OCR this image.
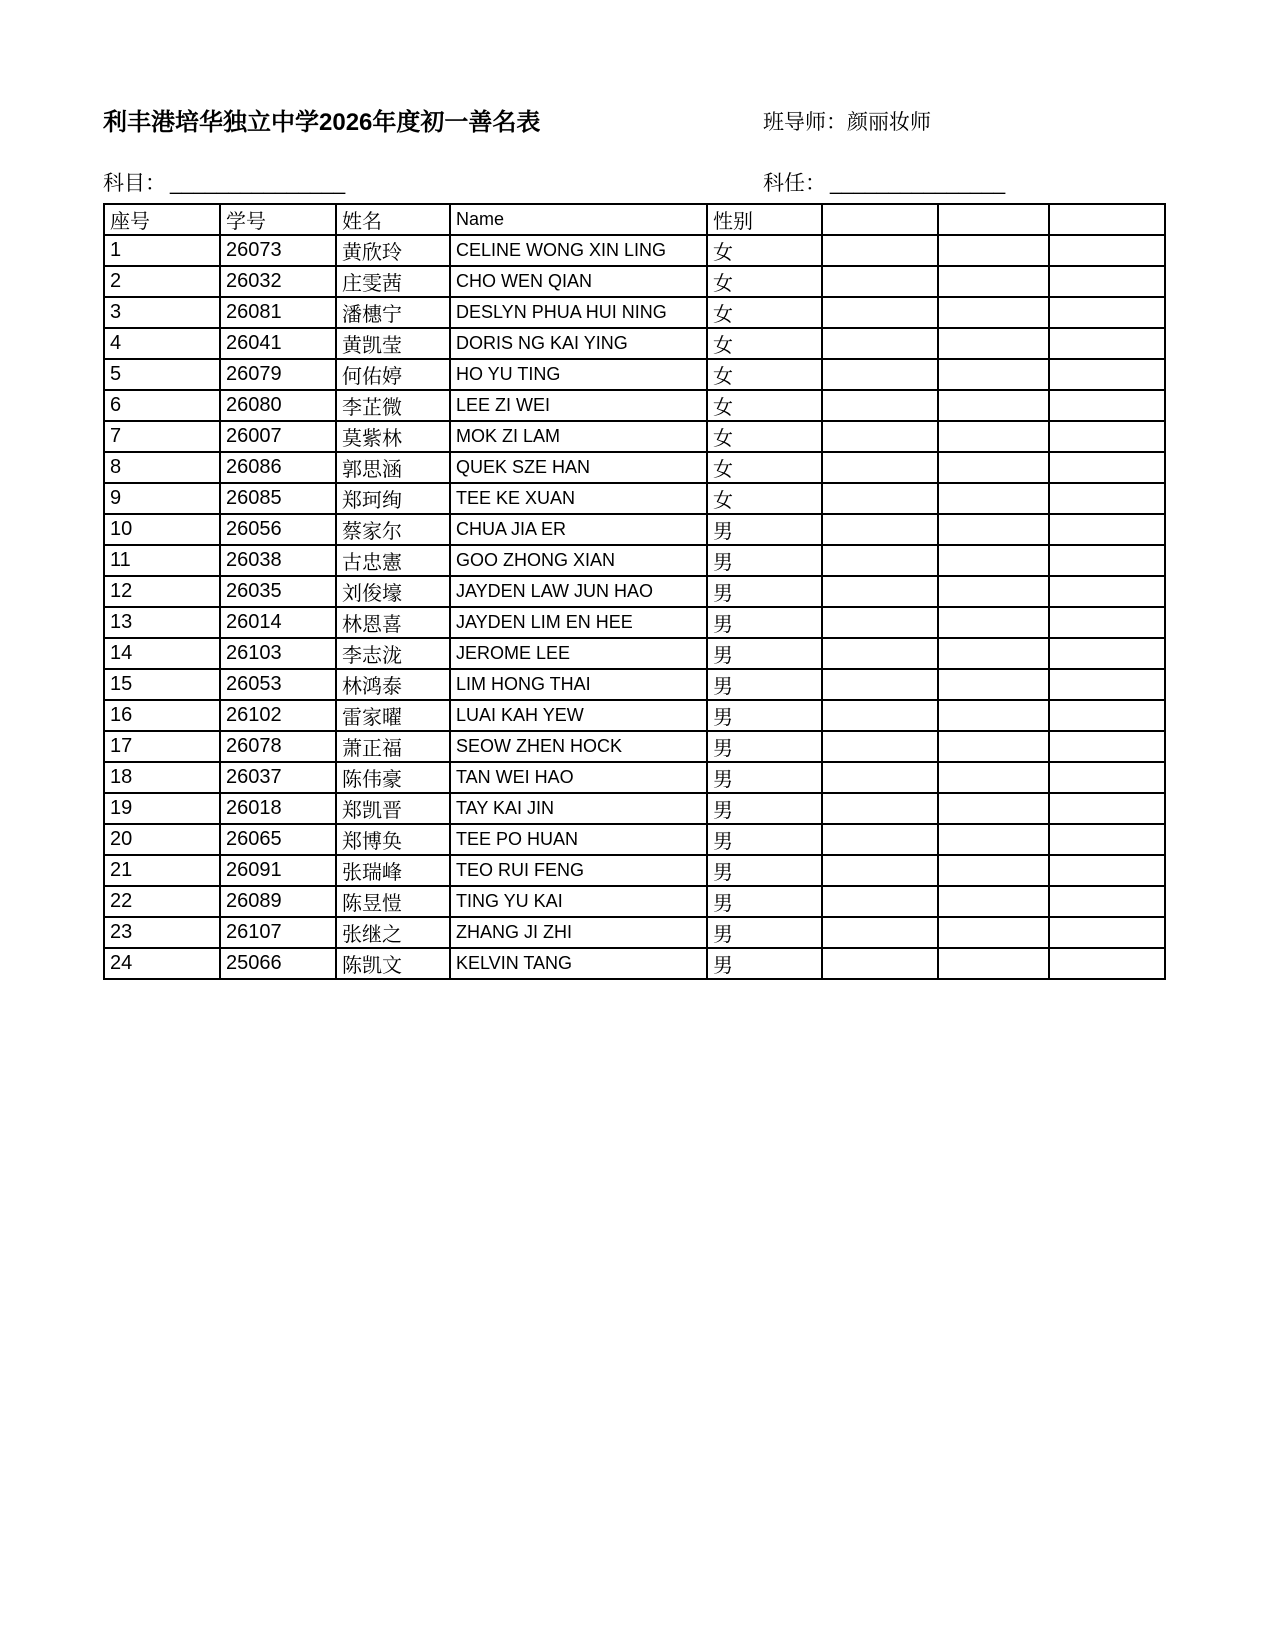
利丰港培华独立中学2026年度初一善名表	班导师：颜丽妆师
科目： _______________	科任： _______________
座号	学号	姓名	Name	性别			
1	26073	黄欣玲	CELINE WONG XIN LING	女			
2	26032	庄雯茜	CHO WEN QIAN	女			
3	26081	潘橞宁	DESLYN PHUA HUI NING	女			
4	26041	黄凯莹	DORIS NG KAI YING	女			
5	26079	何佑婷	HO YU TING	女			
6	26080	李芷微	LEE ZI WEI	女			
7	26007	莫紫林	MOK ZI LAM	女			
8	26086	郭思涵	QUEK SZE HAN	女			
9	26085	郑珂绚	TEE KE XUAN	女			
10	26056	蔡家尔	CHUA JIA ER	男			
11	26038	古忠憲	GOO ZHONG XIAN	男			
12	26035	刘俊壕	JAYDEN LAW JUN HAO	男			
13	26014	林恩喜	JAYDEN LIM EN HEE	男			
14	26103	李志泷	JEROME LEE	男			
15	26053	林鸿泰	LIM HONG THAI	男			
16	26102	雷家曜	LUAI KAH YEW	男			
17	26078	萧正福	SEOW ZHEN HOCK	男			
18	26037	陈伟豪	TAN WEI HAO	男			
19	26018	郑凯晋	TAY KAI JIN	男			
20	26065	郑博奂	TEE PO HUAN	男			
21	26091	张瑞峰	TEO RUI FENG	男			
22	26089	陈昱愷	TING YU KAI	男			
23	26107	张继之	ZHANG JI ZHI	男			
24	25066	陈凯文	KELVIN TANG	男			
